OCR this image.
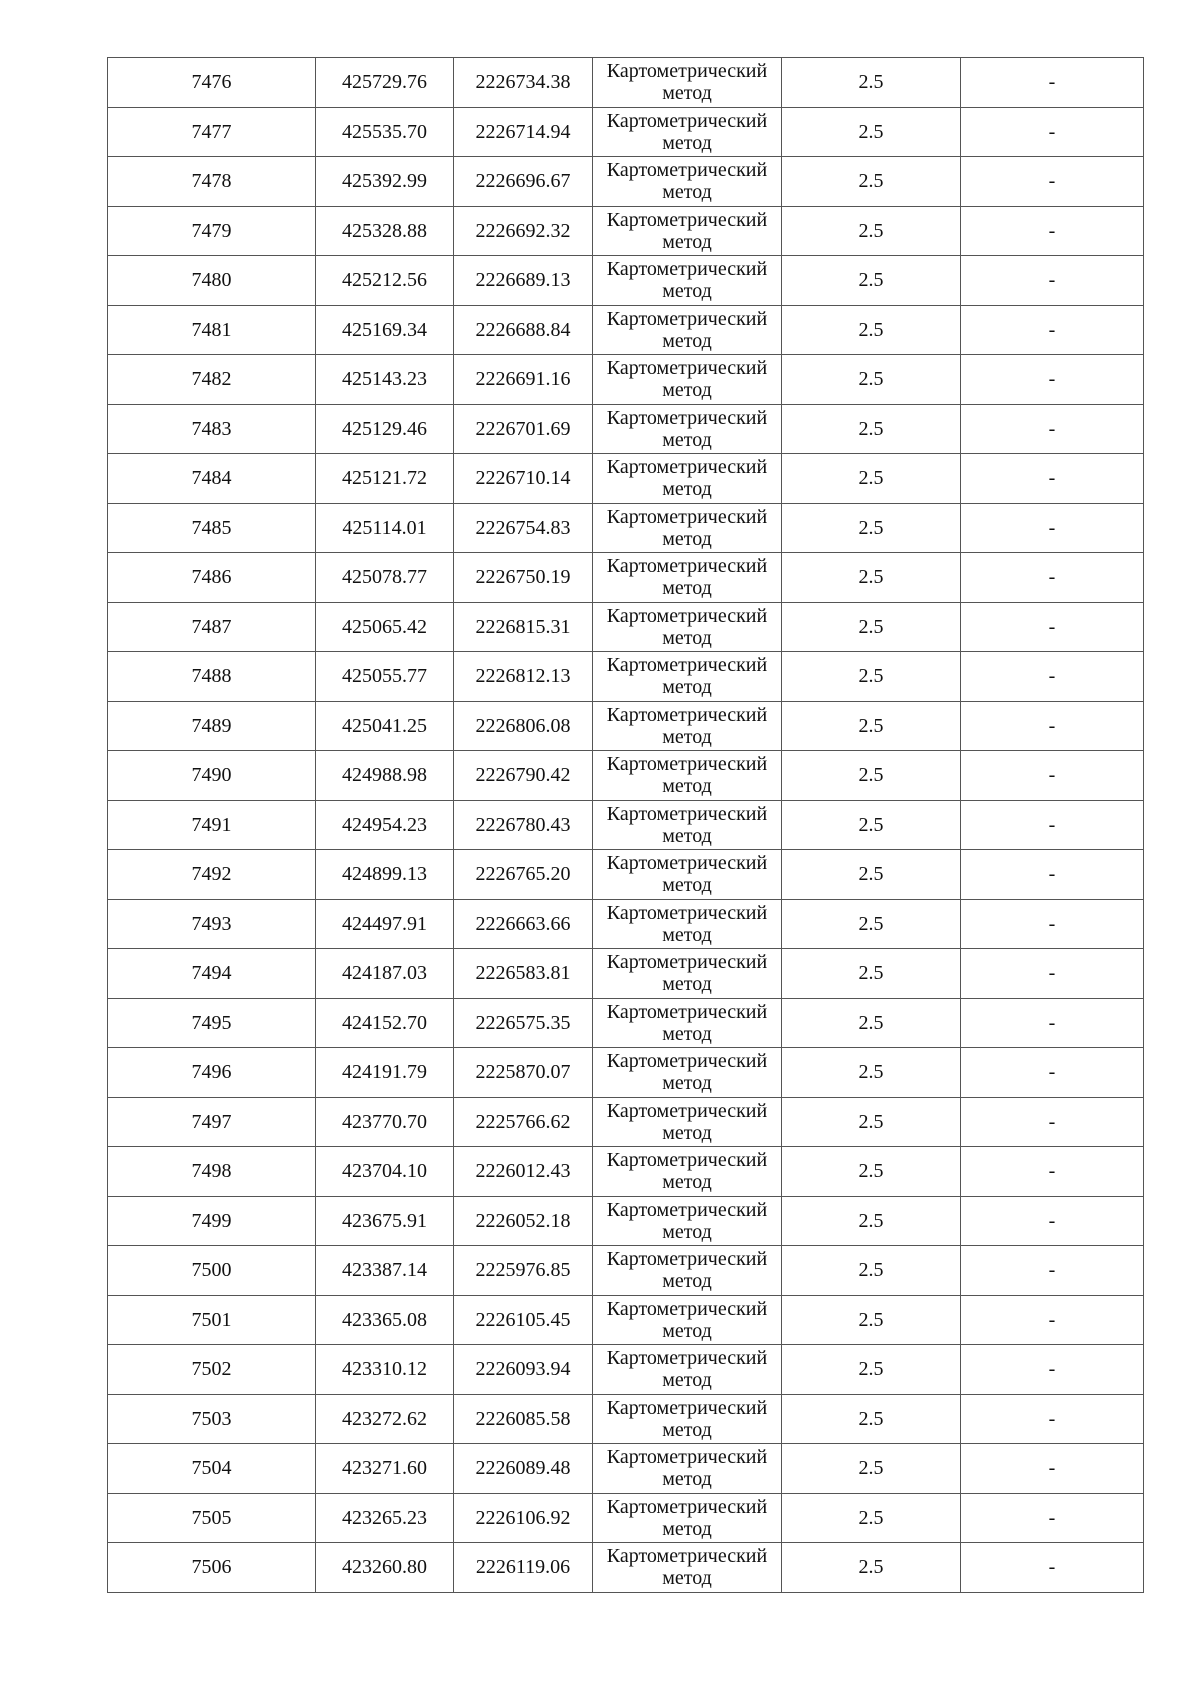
7476	425729.76	2226734.38	Картометрический метод	2.5	-
7477	425535.70	2226714.94	Картометрический метод	2.5	-
7478	425392.99	2226696.67	Картометрический метод	2.5	-
7479	425328.88	2226692.32	Картометрический метод	2.5	-
7480	425212.56	2226689.13	Картометрический метод	2.5	-
7481	425169.34	2226688.84	Картометрический метод	2.5	-
7482	425143.23	2226691.16	Картометрический метод	2.5	-
7483	425129.46	2226701.69	Картометрический метод	2.5	-
7484	425121.72	2226710.14	Картометрический метод	2.5	-
7485	425114.01	2226754.83	Картометрический метод	2.5	-
7486	425078.77	2226750.19	Картометрический метод	2.5	-
7487	425065.42	2226815.31	Картометрический метод	2.5	-
7488	425055.77	2226812.13	Картометрический метод	2.5	-
7489	425041.25	2226806.08	Картометрический метод	2.5	-
7490	424988.98	2226790.42	Картометрический метод	2.5	-
7491	424954.23	2226780.43	Картометрический метод	2.5	-
7492	424899.13	2226765.20	Картометрический метод	2.5	-
7493	424497.91	2226663.66	Картометрический метод	2.5	-
7494	424187.03	2226583.81	Картометрический метод	2.5	-
7495	424152.70	2226575.35	Картометрический метод	2.5	-
7496	424191.79	2225870.07	Картометрический метод	2.5	-
7497	423770.70	2225766.62	Картометрический метод	2.5	-
7498	423704.10	2226012.43	Картометрический метод	2.5	-
7499	423675.91	2226052.18	Картометрический метод	2.5	-
7500	423387.14	2225976.85	Картометрический метод	2.5	-
7501	423365.08	2226105.45	Картометрический метод	2.5	-
7502	423310.12	2226093.94	Картометрический метод	2.5	-
7503	423272.62	2226085.58	Картометрический метод	2.5	-
7504	423271.60	2226089.48	Картометрический метод	2.5	-
7505	423265.23	2226106.92	Картометрический метод	2.5	-
7506	423260.80	2226119.06	Картометрический метод	2.5	-
